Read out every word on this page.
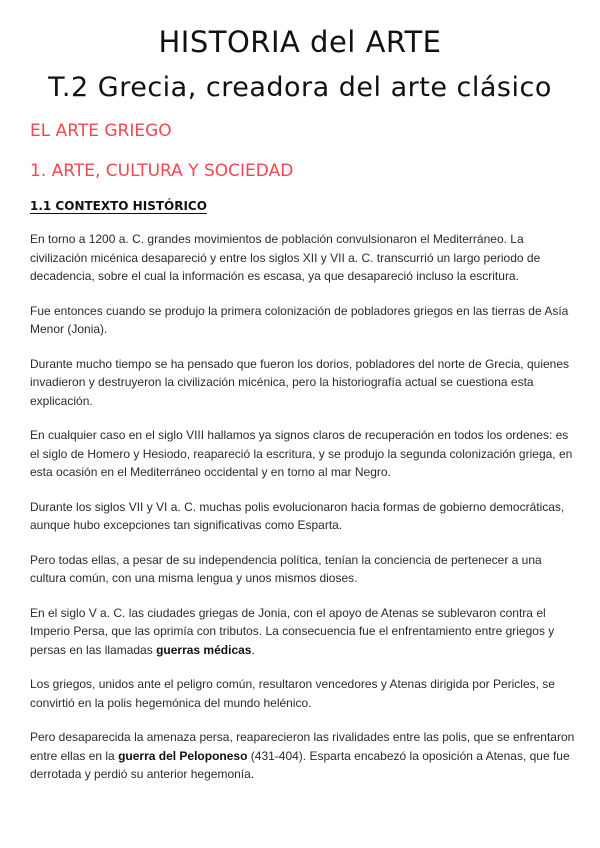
HISTORIA del ARTE
T.2 Grecia, creadora del arte clásico
EL ARTE GRIEGO
1. ARTE, CULTURA Y SOCIEDAD
1.1 CONTEXTO HISTÓRICO

En torno a 1200 a. C. grandes movimientos de población convulsionaron el Mediterráneo. La civilización micénica desapareció y entre los siglos XII y VII a. C. transcurrió un largo periodo de decadencia, sobre el cual la información es escasa, ya que desapareció incluso la escritura.

Fue entonces cuando se produjo la primera colonización de pobladores griegos en las tierras de Asía Menor (Jonia).

Durante mucho tiempo se ha pensado que fueron los dorios, pobladores del norte de Grecia, quienes invadieron y destruyeron la civilización micénica, pero la historiografía actual se cuestiona esta explicación.

En cualquier caso en el siglo VIII hallamos ya signos claros de recuperación en todos los ordenes: es el siglo de Homero y Hesiodo, reapareció la escritura, y se produjo la segunda colonización griega, en esta ocasión en el Mediterráneo occidental y en torno al mar Negro.

Durante los siglos VII y VI a. C. muchas polis evolucionaron hacia formas de gobierno democráticas, aunque hubo excepciones tan significativas como Esparta.

Pero todas ellas, a pesar de su independencia política, tenían la conciencia de pertenecer a una cultura común, con una misma lengua y unos mismos dioses.

En el siglo V a. C. las ciudades griegas de Jonia, con el apoyo de Atenas se sublevaron contra el Imperio Persa, que las oprimía con tributos. La consecuencia fue el enfrentamiento entre griegos y persas en las llamadas guerras médicas.

Los griegos, unidos ante el peligro común, resultaron vencedores y Atenas dirigida por Pericles, se convirtió en la polis hegemónica del mundo helénico.

Pero desaparecida la amenaza persa, reaparecieron las rivalidades entre las polis, que se enfrentaron entre ellas en la guerra del Peloponeso (431-404). Esparta encabezó la oposición a Atenas, que fue derrotada y perdió su anterior hegemonía.
